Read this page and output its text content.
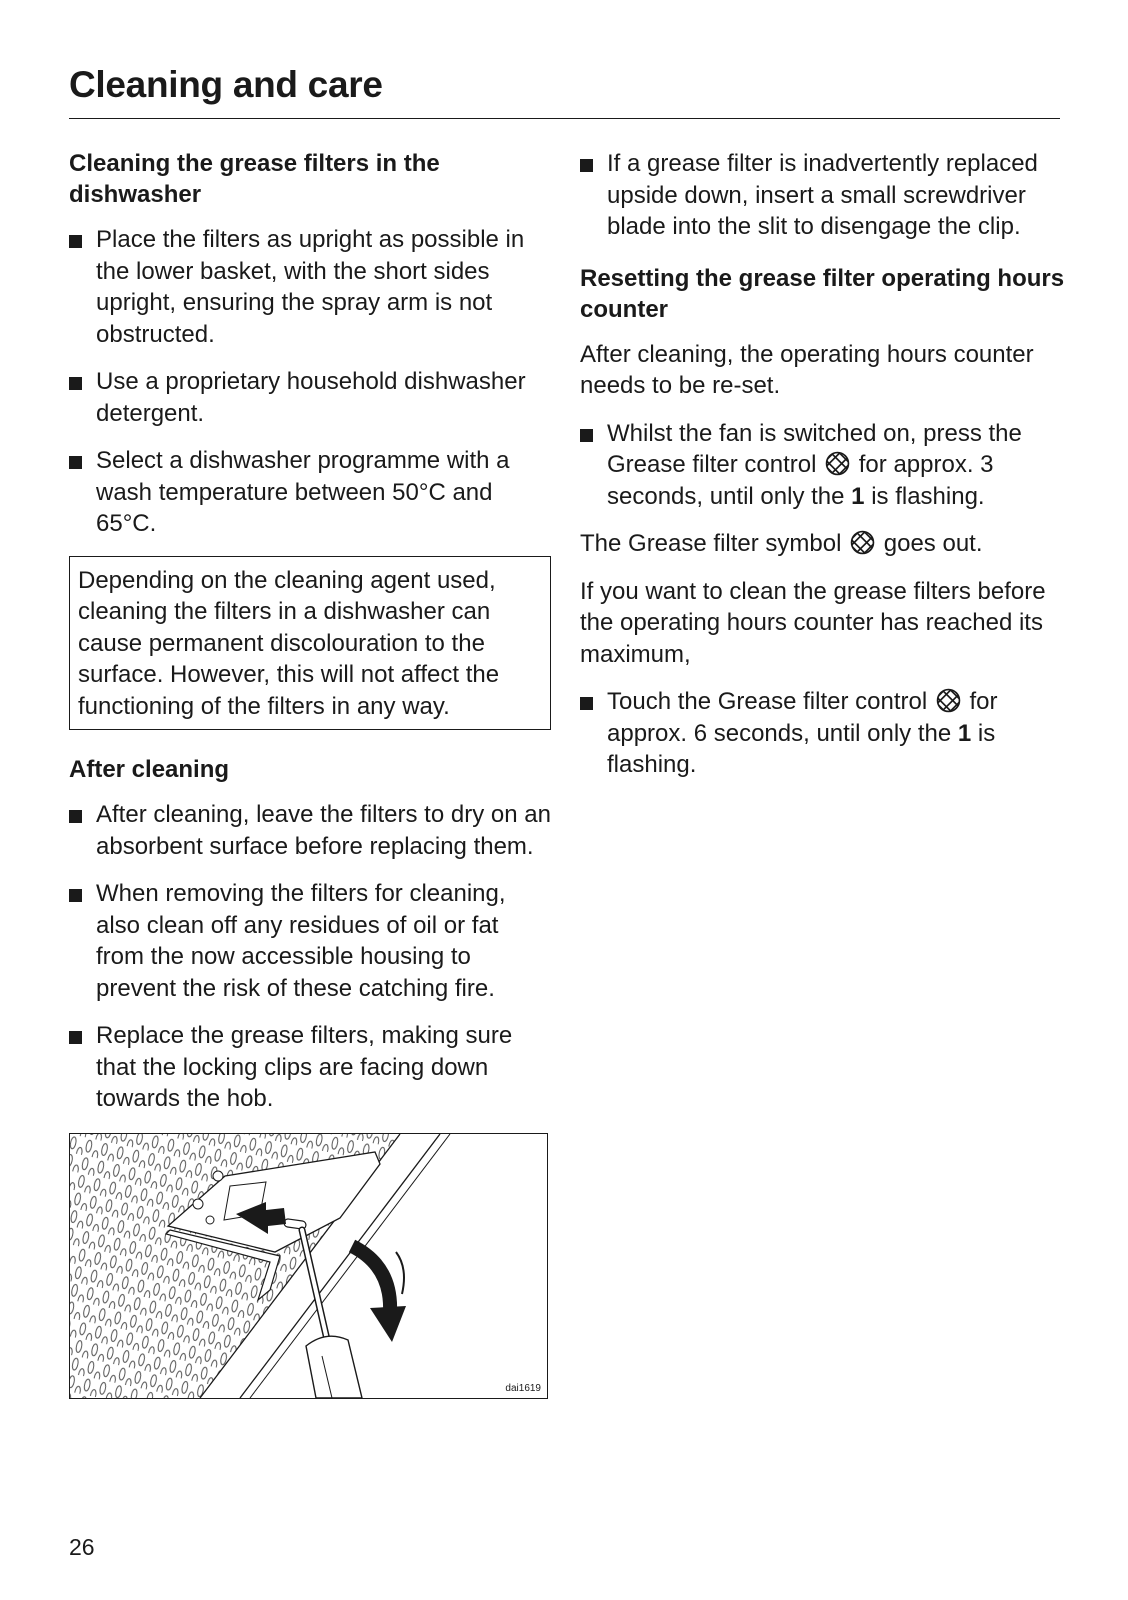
Cleaning and care
Cleaning the grease filters in the dishwasher
Place the filters as upright as possible in the lower basket, with the short sides upright, ensuring the spray arm is not obstructed.
Use a proprietary household dishwasher detergent.
Select a dishwasher programme with a wash temperature between 50°C and 65°C.
Depending on the cleaning agent used, cleaning the filters in a dishwasher can cause permanent discolouration to the surface. However, this will not affect the functioning of the filters in any way.
After cleaning
After cleaning, leave the filters to dry on an absorbent surface before replacing them.
When removing the filters for cleaning, also clean off any residues of oil or fat from the now accessible housing to prevent the risk of these catching fire.
Replace the grease filters, making sure that the locking clips are facing down towards the hob.
dai1619
If a grease filter is inadvertently replaced upside down, insert a small screwdriver blade into the slit to disengage the clip.
Resetting the grease filter operating hours counter

After cleaning, the operating hours counter needs to be re-set.

Whilst the fan is switched on, press the Grease filter control for approx. 3 seconds, until only the 1 is flashing.

The Grease filter symbol goes out.

If you want to clean the grease filters before the operating hours counter has reached its maximum,

Touch the Grease filter control for approx. 6 seconds, until only the 1 is flashing.
26
